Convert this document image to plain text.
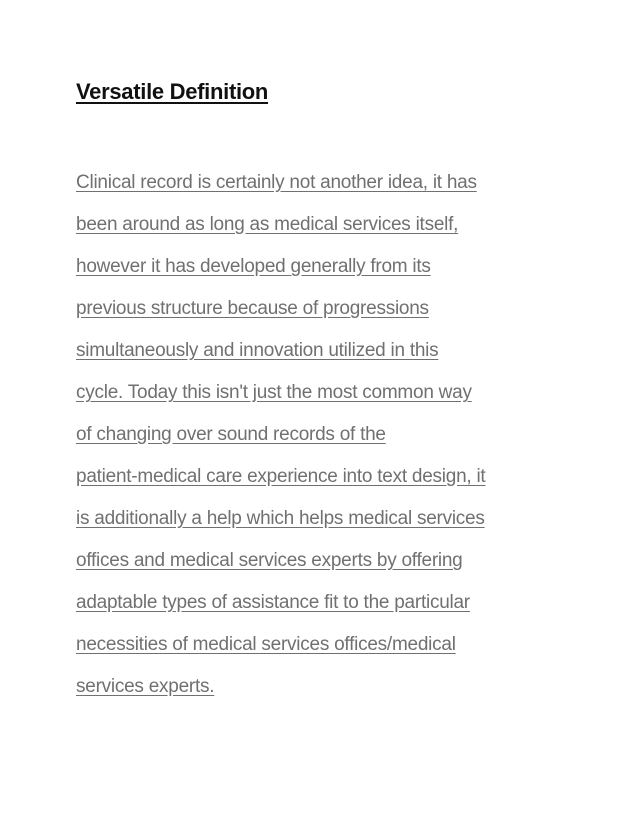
Versatile Definition
Clinical record is certainly not another idea, it has
been around as long as medical services itself,
however it has developed generally from its
previous structure because of progressions
simultaneously and innovation utilized in this
cycle. Today this isn't just the most common way
of changing over sound records of the
patient-medical care experience into text design, it
is additionally a help which helps medical services
offices and medical services experts by offering
adaptable types of assistance fit to the particular
necessities of medical services offices/medical
services experts.
